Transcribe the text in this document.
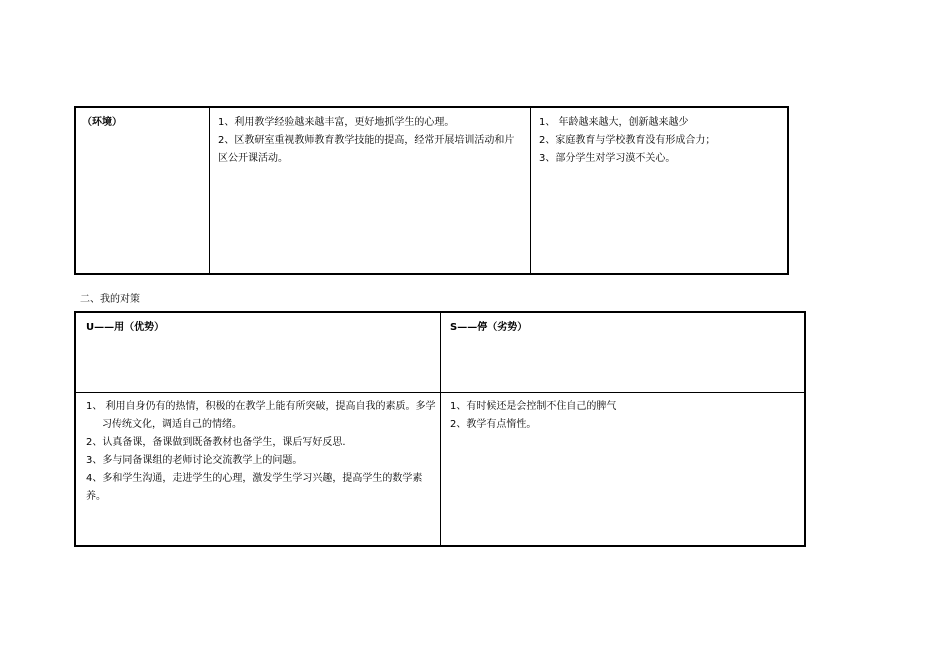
（环境）	1、利用教学经验越来越丰富，更好地抓学生的心理。
2、区教研室重视教师教育教学技能的提高，经常开展培训活动和片区公开课活动。
1、 年龄越来越大，创新越来越少
2、家庭教育与学校教育没有形成合力；
3、部分学生对学习漠不关心。
二、我的对策
U——用（优势）	S——停（劣势）
1、 利用自身仍有的热情，积极的在教学上能有所突破，提高自我的素质。多学习传统文化，调适自己的情绪。
2、认真备课，备课做到既备教材也备学生，课后写好反思.
3、多与同备课组的老师讨论交流教学上的问题。
4、多和学生沟通，走进学生的心理，激发学生学习兴趣，提高学生的数学素养。
1、有时候还是会控制不住自己的脾气
2、教学有点惰性。
